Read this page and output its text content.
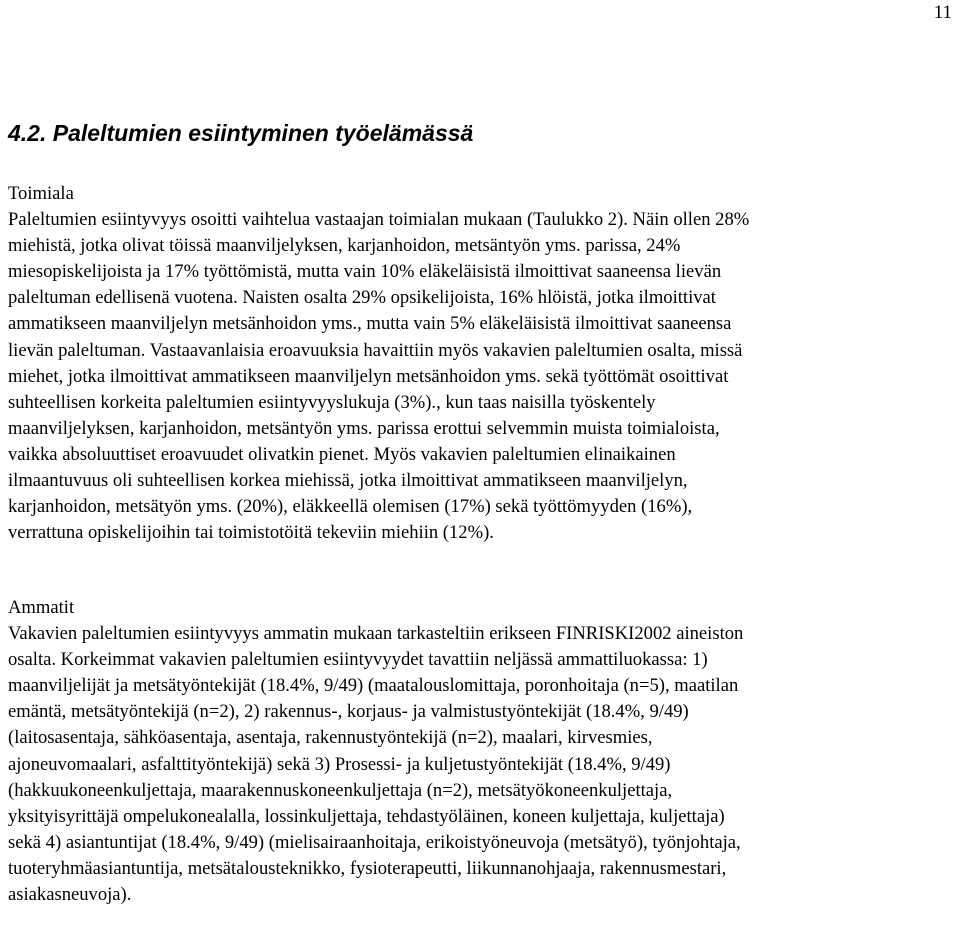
11
4.2. Paleltumien esiintyminen työelämässä
Toimiala
Paleltumien esiintyvyys osoitti vaihtelua vastaajan toimialan mukaan (Taulukko 2). Näin ollen 28%
miehistä, jotka olivat töissä maanviljelyksen, karjanhoidon, metsäntyön yms. parissa, 24%
miesopiskelijoista ja 17% työttömistä, mutta vain 10% eläkeläisistä ilmoittivat saaneensa lievän
paleltuman edellisenä vuotena. Naisten osalta 29% opsikelijoista, 16% hlöistä, jotka ilmoittivat
ammatikseen maanviljelyn metsänhoidon yms., mutta vain 5% eläkeläisistä ilmoittivat saaneensa
lievän paleltuman. Vastaavanlaisia eroavuuksia havaittiin myös vakavien paleltumien osalta, missä
miehet, jotka ilmoittivat ammatikseen maanviljelyn metsänhoidon yms. sekä työttömät osoittivat
suhteellisen korkeita paleltumien esiintyvyyslukuja (3%)., kun taas naisilla työskentely
maanviljelyksen, karjanhoidon, metsäntyön yms. parissa erottui selvemmin muista toimialoista,
vaikka absoluuttiset eroavuudet olivatkin pienet. Myös vakavien paleltumien elinaikainen
ilmaantuvuus oli suhteellisen korkea miehissä, jotka ilmoittivat ammatikseen maanviljelyn,
karjanhoidon, metsätyön yms. (20%), eläkkeellä olemisen (17%) sekä työttömyyden (16%),
verrattuna opiskelijoihin tai toimistotöitä tekeviin miehiin (12%).
Ammatit
Vakavien paleltumien esiintyvyys ammatin mukaan tarkasteltiin erikseen FINRISKI2002 aineiston
osalta. Korkeimmat vakavien paleltumien esiintyvyydet tavattiin neljässä ammattiluokassa: 1)
maanviljelijät ja metsätyöntekijät (18.4%, 9/49) (maatalouslomittaja, poronhoitaja (n=5), maatilan
emäntä, metsätyöntekijä (n=2), 2) rakennus-, korjaus- ja valmistustyöntekijät (18.4%, 9/49)
(laitosasentaja, sähköasentaja, asentaja, rakennustyöntekijä (n=2), maalari, kirvesmies,
ajoneuvomaalari, asfalttityöntekijä) sekä 3) Prosessi- ja kuljetustyöntekijät (18.4%, 9/49)
(hakkuukoneenkuljettaja, maarakennuskoneenkuljettaja (n=2), metsätyökoneenkuljettaja,
yksityisyrittäjä ompelukonealalla, lossinkuljettaja, tehdastyöläinen, koneen kuljettaja, kuljettaja)
sekä 4) asiantuntijat (18.4%, 9/49) (mielisairaanhoitaja, erikoistyöneuvoja (metsätyö), työnjohtaja,
tuoteryhmäasiantuntija, metsätalousteknikko, fysioterapeutti, liikunnanohjaaja, rakennusmestari,
asiakasneuvoja).
